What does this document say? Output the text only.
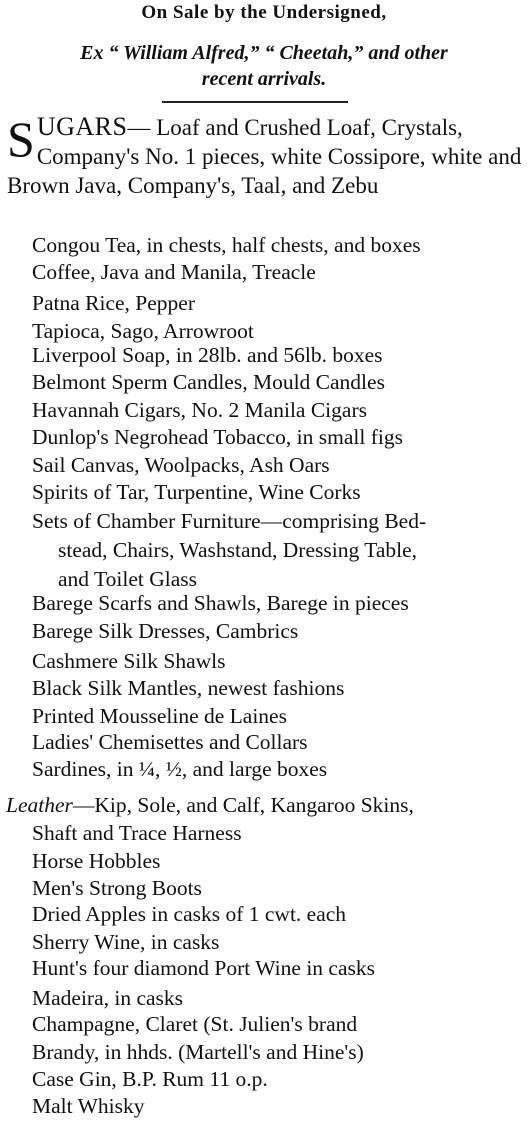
On Sale by the Undersigned,
Ex “ William Alfred,” “ Cheetah,” and other
recent arrivals.
SUGARS— Loaf and Crushed Loaf, Crystals, Company's No. 1 pieces, white Cossipore, white and Brown Java, Company's, Taal, and Zebu
Congou Tea, in chests, half chests, and boxes
Coffee, Java and Manila, Treacle
Patna Rice, Pepper
Tapioca, Sago, Arrowroot
Liverpool Soap, in 28lb. and 56lb. boxes
Belmont Sperm Candles, Mould Candles
Havannah Cigars, No. 2 Manila Cigars
Dunlop's Negrohead Tobacco, in small figs
Sail Canvas, Woolpacks, Ash Oars
Spirits of Tar, Turpentine, Wine Corks
Sets of Chamber Furniture—comprising Bed-
stead, Chairs, Washstand, Dressing Table,
and Toilet Glass
Barege Scarfs and Shawls, Barege in pieces
Barege Silk Dresses, Cambrics
Cashmere Silk Shawls
Black Silk Mantles, newest fashions
Printed Mousseline de Laines
Ladies' Chemisettes and Collars
Sardines, in ¼, ½, and large boxes
Leather—Kip, Sole, and Calf, Kangaroo Skins,
Shaft and Trace Harness
Horse Hobbles
Men's Strong Boots
Dried Apples in casks of 1 cwt. each
Sherry Wine, in casks
Hunt's four diamond Port Wine in casks
Madeira, in casks
Champagne, Claret (St. Julien's brand
Brandy, in hhds. (Martell's and Hine's)
Case Gin, B.P. Rum 11 o.p.
Malt Whisky
